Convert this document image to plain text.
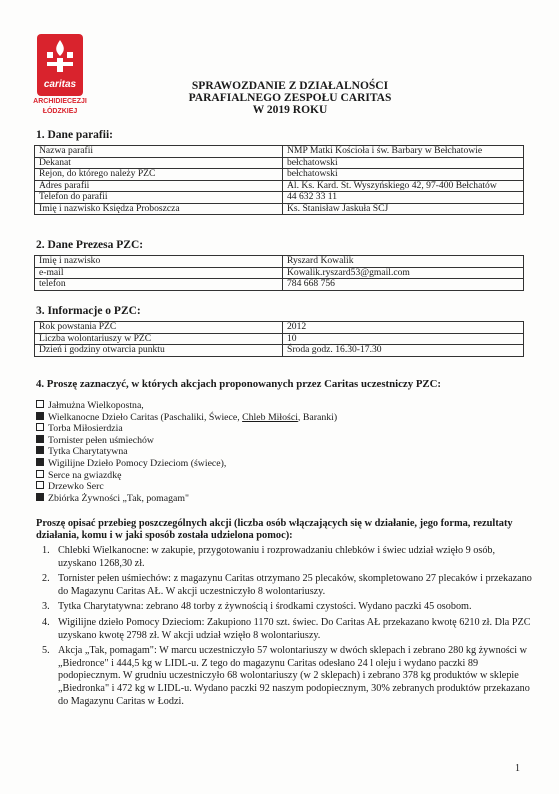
caritas
ARCHIDIECEZJI
ŁÓDZKIEJ
SPRAWOZDANIE Z DZIAŁALNOŚCI
PARAFIALNEGO ZESPOŁU CARITAS
W 2019 ROKU
1. Dane parafii:
Nazwa parafii	NMP Matki Kościoła i św. Barbary w Bełchatowie
Dekanat	bełchatowski
Rejon, do którego należy PZC	bełchatowski
Adres parafii	Al. Ks. Kard. St. Wyszyńskiego 42, 97-400 Bełchatów
Telefon do parafii	44 632 33 11
Imię i nazwisko Księdza Proboszcza	Ks. Stanisław Jaskuła SCJ
2. Dane Prezesa PZC:
Imię i nazwisko	Ryszard Kowalik
e-mail	Kowalik.ryszard53@gmail.com
telefon	784 668 756
3. Informacje o PZC:
Rok powstania PZC	2012
Liczba wolontariuszy w PZC	10
Dzień i godziny otwarcia punktu	Środa godz. 16.30-17.30
4. Proszę zaznaczyć, w których akcjach proponowanych przez Caritas uczestniczy PZC:
Jałmużna Wielkopostna,
Wielkanocne Dzieło Caritas (Paschaliki, Świece, Chleb Miłości, Baranki)
Torba Miłosierdzia
Tornister pełen uśmiechów
Tytka Charytatywna
Wigilijne Dzieło Pomocy Dzieciom (świece),
Serce na gwiazdkę
Drzewko Serc
Zbiórka Żywności „Tak, pomagam"
Proszę opisać przebieg poszczególnych akcji (liczba osób włączających się w działanie, jego forma, rezultaty działania, komu i w jaki sposób została udzielona pomoc):
1. Chlebki Wielkanocne: w zakupie, przygotowaniu i rozprowadzaniu chlebków i świec udział wzięło 9 osób, uzyskano 1268,30 zł.
2. Tornister pełen uśmiechów: z magazynu Caritas otrzymano 25 plecaków, skompletowano 27 plecaków i przekazano do Magazynu Caritas AŁ. W akcji uczestniczyło 8 wolontariuszy.
3. Tytka Charytatywna: zebrano 48 torby z żywnością i środkami czystości. Wydano paczki 45 osobom.
4. Wigilijne dzieło Pomocy Dzieciom: Zakupiono 1170 szt. świec. Do Caritas AŁ przekazano kwotę 6210 zł. Dla PZC uzyskano kwotę 2798 zł. W akcji udział wzięło 8 wolontariuszy.
5. Akcja „Tak, pomagam": W marcu uczestniczyło 57 wolontariuszy w dwóch sklepach i zebrano 280 kg żywności w „Biedronce" i 444,5 kg w LIDL-u. Z tego do magazynu Caritas odesłano 24 l oleju i wydano paczki 89 podopiecznym. W grudniu uczestniczyło 68 wolontariuszy (w 2 sklepach) i zebrano 378 kg produktów w sklepie „Biedronka" i 472 kg w LIDL-u. Wydano paczki 92 naszym podopiecznym, 30% zebranych produktów przekazano do Magazynu Caritas w Łodzi.
1
